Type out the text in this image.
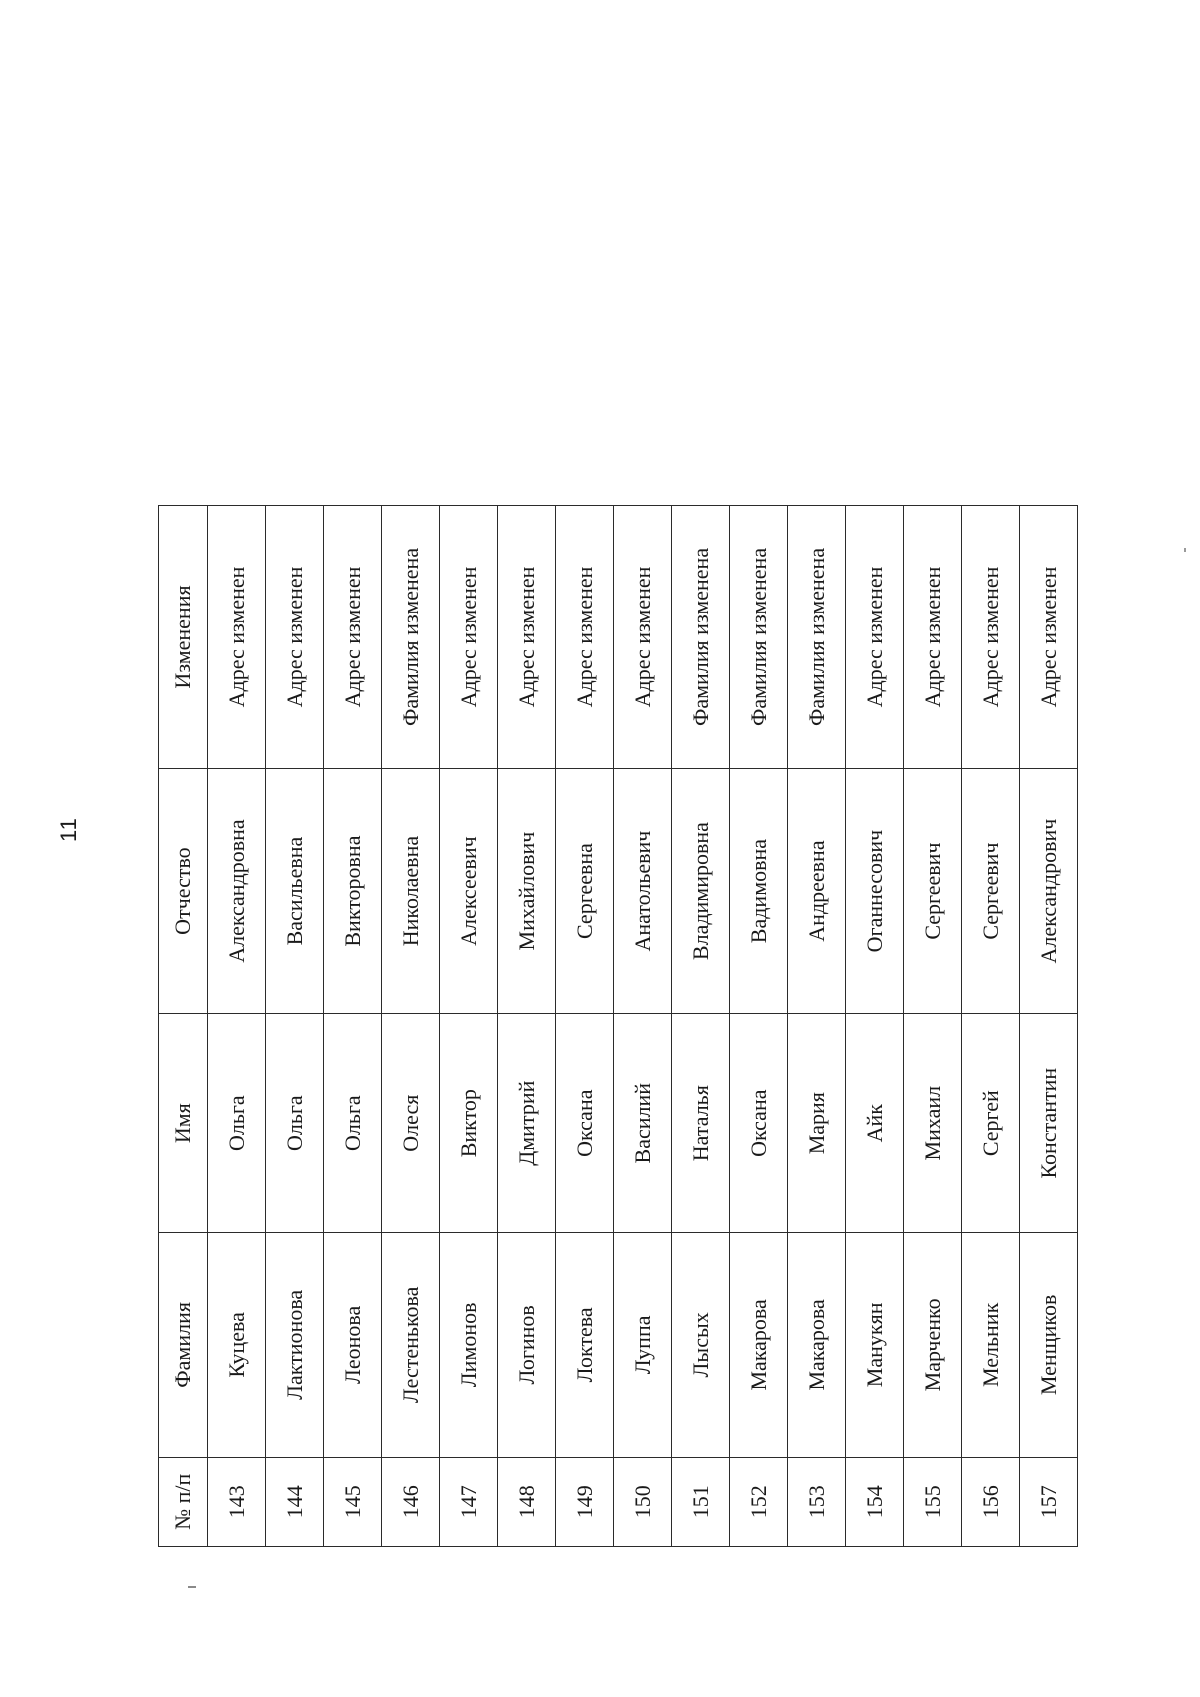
11
№ п/п	Фамилия	Имя	Отчество	Изменения
143	Куцева	Ольга	Александровна	Адрес изменен
144	Лактионова	Ольга	Васильевна	Адрес изменен
145	Леонова	Ольга	Викторовна	Адрес изменен
146	Лестенькова	Олеся	Николаевна	Фамилия изменена
147	Лимонов	Виктор	Алексеевич	Адрес изменен
148	Логинов	Дмитрий	Михайлович	Адрес изменен
149	Локтева	Оксана	Сергеевна	Адрес изменен
150	Луппа	Василий	Анатольевич	Адрес изменен
151	Лысых	Наталья	Владимировна	Фамилия изменена
152	Макарова	Оксана	Вадимовна	Фамилия изменена
153	Макарова	Мария	Андреевна	Фамилия изменена
154	Манукян	Айк	Оганнесович	Адрес изменен
155	Марченко	Михаил	Сергеевич	Адрес изменен
156	Мельник	Сергей	Сергеевич	Адрес изменен
157	Менщиков	Константин	Александрович	Адрес изменен
